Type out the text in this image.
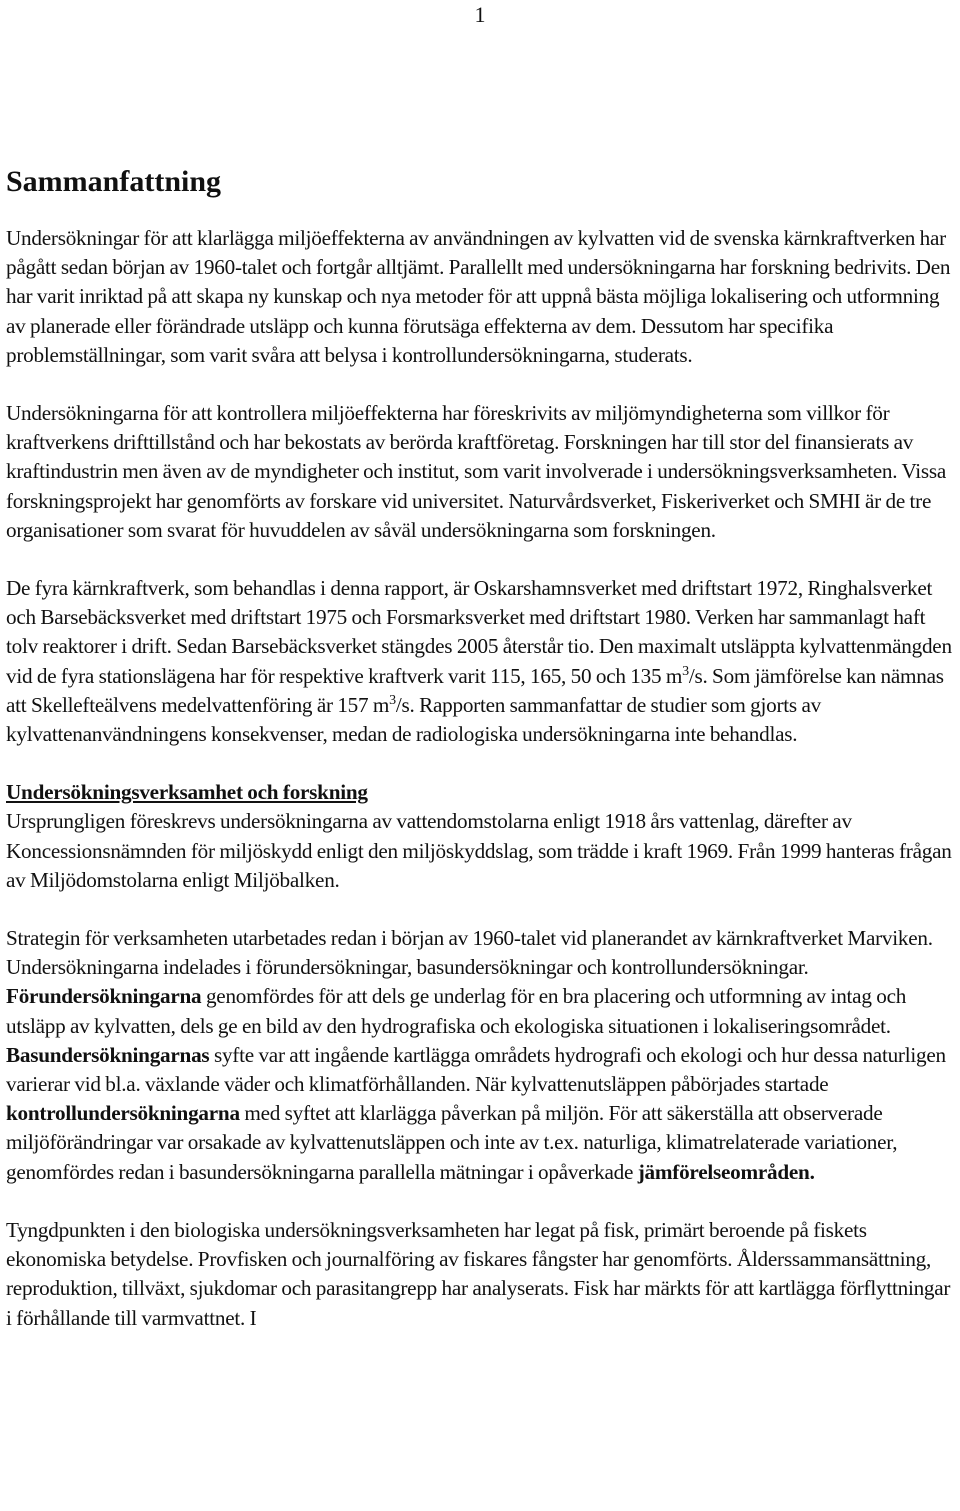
1
Sammanfattning

Undersökningar för att klarlägga miljöeffekterna av användningen av kylvatten vid de svenska kärnkraftverken har pågått sedan början av 1960-talet och fortgår alltjämt. Parallellt med undersökningarna har forskning bedrivits. Den har varit inriktad på att skapa ny kunskap och nya metoder för att uppnå bästa möjliga lokalisering och utformning av planerade eller förändrade utsläpp och kunna förutsäga effekterna av dem. Dessutom har specifika problemställningar, som varit svåra att belysa i kontrollundersökningarna, studerats.

Undersökningarna för att kontrollera miljöeffekterna har föreskrivits av miljömyndigheterna som villkor för kraftverkens drifttillstånd och har bekostats av berörda kraftföretag. Forskningen har till stor del finansierats av kraftindustrin men även av de myndigheter och institut, som varit involverade i undersökningsverksamheten. Vissa forskningsprojekt har genomförts av forskare vid universitet. Naturvårdsverket, Fiskeriverket och SMHI är de tre organisationer som svarat för huvuddelen av såväl undersökningarna som forskningen.

De fyra kärnkraftverk, som behandlas i denna rapport, är Oskarshamnsverket med driftstart 1972, Ringhalsverket och Barsebäcksverket med driftstart 1975 och Forsmarksverket med driftstart 1980. Verken har sammanlagt haft tolv reaktorer i drift. Sedan Barsebäcksverket stängdes 2005 återstår tio. Den maximalt utsläppta kylvattenmängden vid de fyra stationslägena har för respektive kraftverk varit 115, 165, 50 och 135 $m^3/s$. Som jämförelse kan nämnas att Skellefteälvens medelvattenföring är 157 $m^3/s$. Rapporten sammanfattar de studier som gjorts av kylvattenanvändningens konsekvenser, medan de radiologiska undersökningarna inte behandlas.

Undersökningsverksamhet och forskning

Ursprungligen föreskrevs undersökningarna av vattendomstolarna enligt 1918 års vattenlag, därefter av Koncessionsnämnden för miljöskydd enligt den miljöskyddslag, som trädde i kraft 1969. Från 1999 hanteras frågan av Miljödomstolarna enligt Miljöbalken.

Strategin för verksamheten utarbetades redan i början av 1960-talet vid planerandet av kärnkraftverket Marviken. Undersökningarna indelades i förundersökningar, basundersökningar och kontrollundersökningar. Förundersökningarna genomfördes för att dels ge underlag för en bra placering och utformning av intag och utsläpp av kylvatten, dels ge en bild av den hydrografiska och ekologiska situationen i lokaliseringsområdet. Basundersökningarnas syfte var att ingående kartlägga områdets hydrografi och ekologi och hur dessa naturligen varierar vid bl.a. växlande väder och klimatförhållanden. När kylvattenutsläppen påbörjades startade kontrollundersökningarna med syftet att klarlägga påverkan på miljön. För att säkerställa att observerade miljöförändringar var orsakade av kylvattenutsläppen och inte av t.ex. naturliga, klimatrelaterade variationer, genomfördes redan i basundersökningarna parallella mätningar i opåverkade jämförelseområden.

Tyngdpunkten i den biologiska undersökningsverksamheten har legat på fisk, primärt beroende på fiskets ekonomiska betydelse. Provfisken och journalföring av fiskares fångster har genomförts. Ålderssammansättning, reproduktion, tillväxt, sjukdomar och parasitangrepp har analyserats. Fisk har märkts för att kartlägga förflyttningar i förhållande till varmvattnet. I
